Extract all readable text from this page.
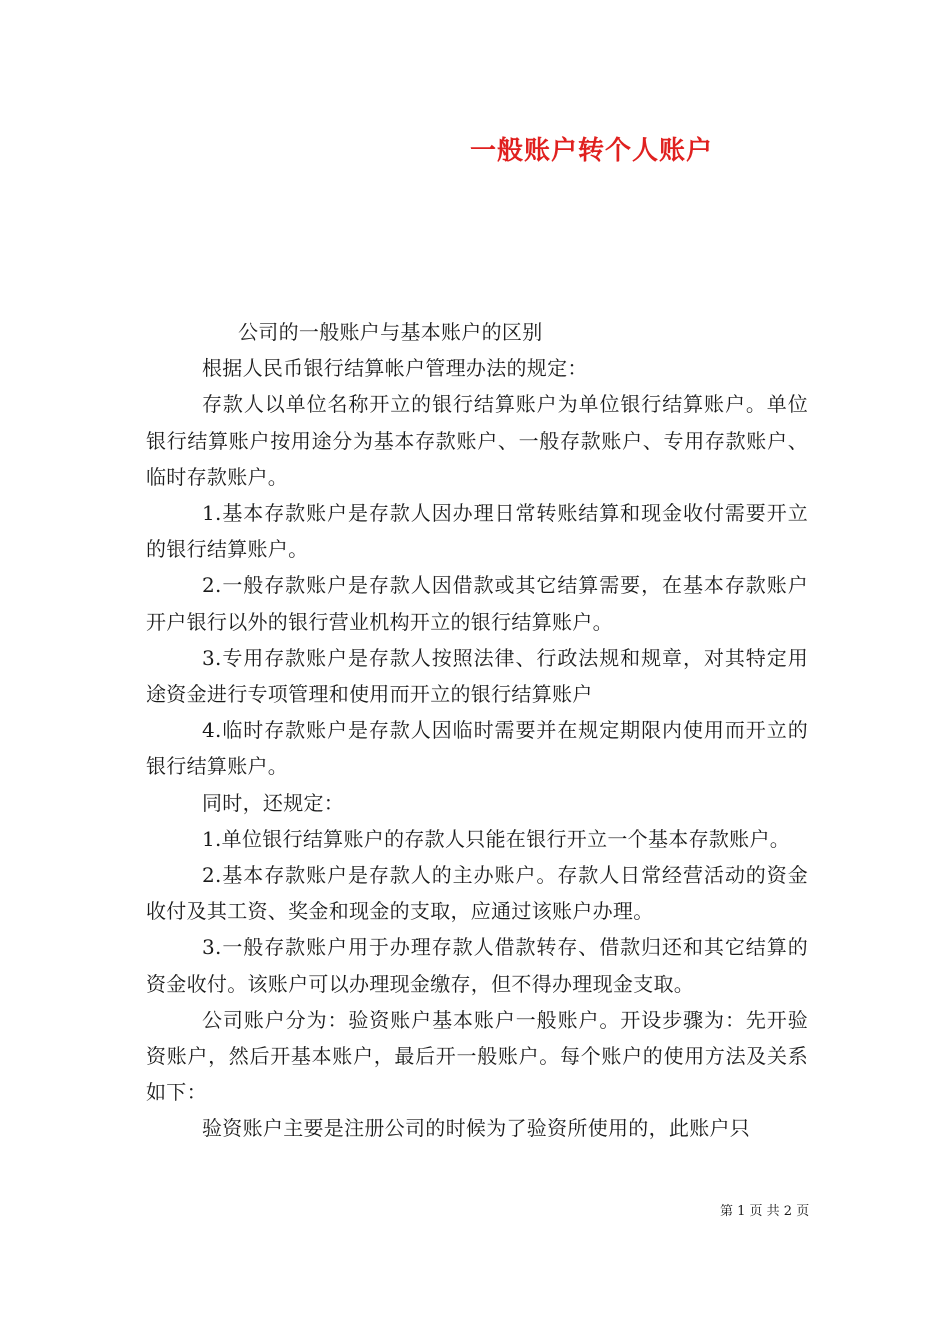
一般账户转个人账户

公司的一般账户与基本账户的区别

根据人民币银行结算帐户管理办法的规定：

存款人以单位名称开立的银行结算账户为单位银行结算账户。单位银行结算账户按用途分为基本存款账户、一般存款账户、专用存款账户、临时存款账户。

1.基本存款账户是存款人因办理日常转账结算和现金收付需要开立的银行结算账户。

2.一般存款账户是存款人因借款或其它结算需要，在基本存款账户开户银行以外的银行营业机构开立的银行结算账户。

3.专用存款账户是存款人按照法律、行政法规和规章，对其特定用途资金进行专项管理和使用而开立的银行结算账户

4.临时存款账户是存款人因临时需要并在规定期限内使用而开立的银行结算账户。

同时，还规定：

1.单位银行结算账户的存款人只能在银行开立一个基本存款账户。

2.基本存款账户是存款人的主办账户。存款人日常经营活动的资金收付及其工资、奖金和现金的支取，应通过该账户办理。

3.一般存款账户用于办理存款人借款转存、借款归还和其它结算的资金收付。该账户可以办理现金缴存，但不得办理现金支取。

公司账户分为：验资账户基本账户一般账户。开设步骤为：先开验资账户，然后开基本账户，最后开一般账户。每个账户的使用方法及关系如下：

验资账户主要是注册公司的时候为了验资所使用的，此账户只

第 1 页 共 2 页
